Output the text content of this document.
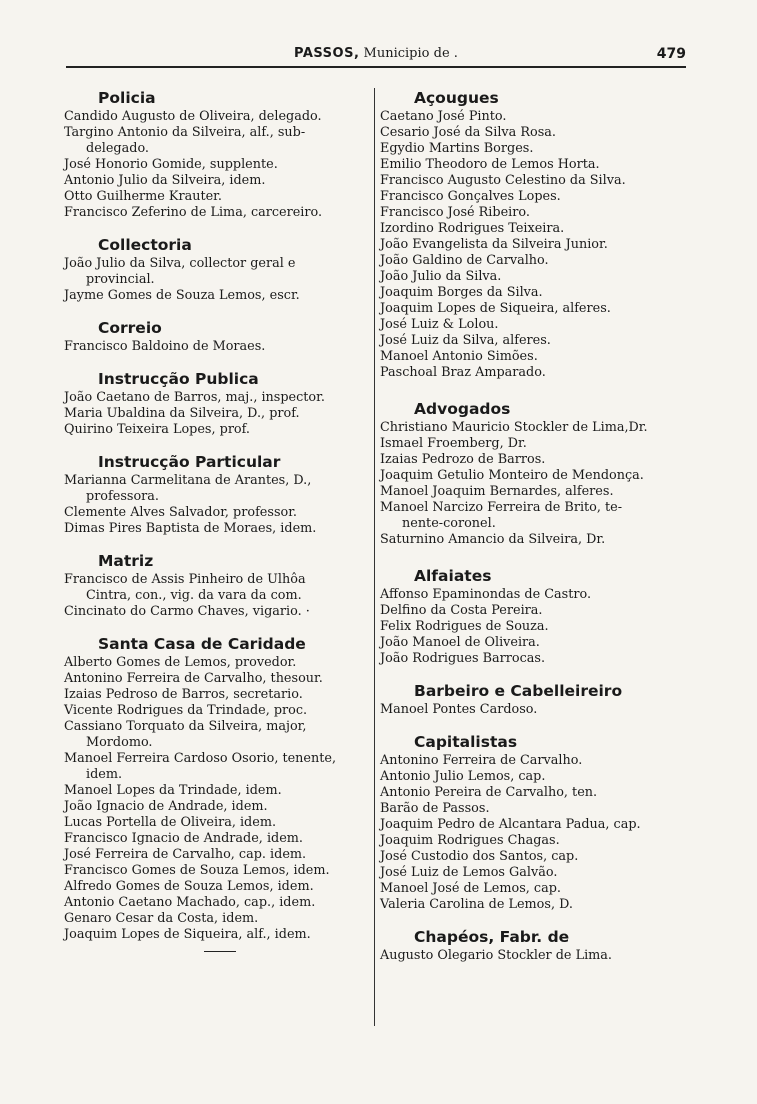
PASSOS, Municipio de .	479
Policia
Candido Augusto de Oliveira, delegado.
Targino Antonio da Silveira, alf., sub-
delegado.
José Honorio Gomide, supplente.
Antonio Julio da Silveira, idem.
Otto Guilherme Krauter.
Francisco Zeferino de Lima, carcereiro.
Collectoria
João Julio da Silva, collector geral e
provincial.
Jayme Gomes de Souza Lemos, escr.
Correio
Francisco Baldoino de Moraes.
Instrucção Publica
João Caetano de Barros, maj., inspector.
Maria Ubaldina da Silveira, D., prof.
Quirino Teixeira Lopes, prof.
Instrucção Particular
Marianna Carmelitana de Arantes, D.,
professora.
Clemente Alves Salvador, professor.
Dimas Pires Baptista de Moraes, idem.
Matriz
Francisco de Assis Pinheiro de Ulhôa
Cintra, con., vig. da vara da com.
Cincinato do Carmo Chaves, vigario. ·
Santa Casa de Caridade
Alberto Gomes de Lemos, provedor.
Antonino Ferreira de Carvalho, thesour.
Izaias Pedroso de Barros, secretario.
Vicente Rodrigues da Trindade, proc.
Cassiano Torquato da Silveira, major,
Mordomo.
Manoel Ferreira Cardoso Osorio, tenente,
idem.
Manoel Lopes da Trindade, idem.
João Ignacio de Andrade, idem.
Lucas Portella de Oliveira, idem.
Francisco Ignacio de Andrade, idem.
José Ferreira de Carvalho, cap. idem.
Francisco Gomes de Souza Lemos, idem.
Alfredo Gomes de Souza Lemos, idem.
Antonio Caetano Machado, cap., idem.
Genaro Cesar da Costa, idem.
Joaquim Lopes de Siqueira, alf., idem.
Açougues
Caetano José Pinto.
Cesario José da Silva Rosa.
Egydio Martins Borges.
Emilio Theodoro de Lemos Horta.
Francisco Augusto Celestino da Silva.
Francisco Gonçalves Lopes.
Francisco José Ribeiro.
Izordino Rodrigues Teixeira.
João Evangelista da Silveira Junior.
João Galdino de Carvalho.
João Julio da Silva.
Joaquim Borges da Silva.
Joaquim Lopes de Siqueira, alferes.
José Luiz & Lolou.
José Luiz da Silva, alferes.
Manoel Antonio Simões.
Paschoal Braz Amparado.
Advogados
Christiano Mauricio Stockler de Lima,Dr.
Ismael Froemberg, Dr.
Izaias Pedrozo de Barros.
Joaquim Getulio Monteiro de Mendonça.
Manoel Joaquim Bernardes, alferes.
Manoel Narcizo Ferreira de Brito, te-
nente-coronel.
Saturnino Amancio da Silveira, Dr.
Alfaiates
Affonso Epaminondas de Castro.
Delfino da Costa Pereira.
Felix Rodrigues de Souza.
João Manoel de Oliveira.
João Rodrigues Barrocas.
Barbeiro e Cabelleireiro
Manoel Pontes Cardoso.
Capitalistas
Antonino Ferreira de Carvalho.
Antonio Julio Lemos, cap.
Antonio Pereira de Carvalho, ten.
Barão de Passos.
Joaquim Pedro de Alcantara Padua, cap.
Joaquim Rodrigues Chagas.
José Custodio dos Santos, cap.
José Luiz de Lemos Galvão.
Manoel José de Lemos, cap.
Valeria Carolina de Lemos, D.
Chapéos, Fabr. de
Augusto Olegario Stockler de Lima.
